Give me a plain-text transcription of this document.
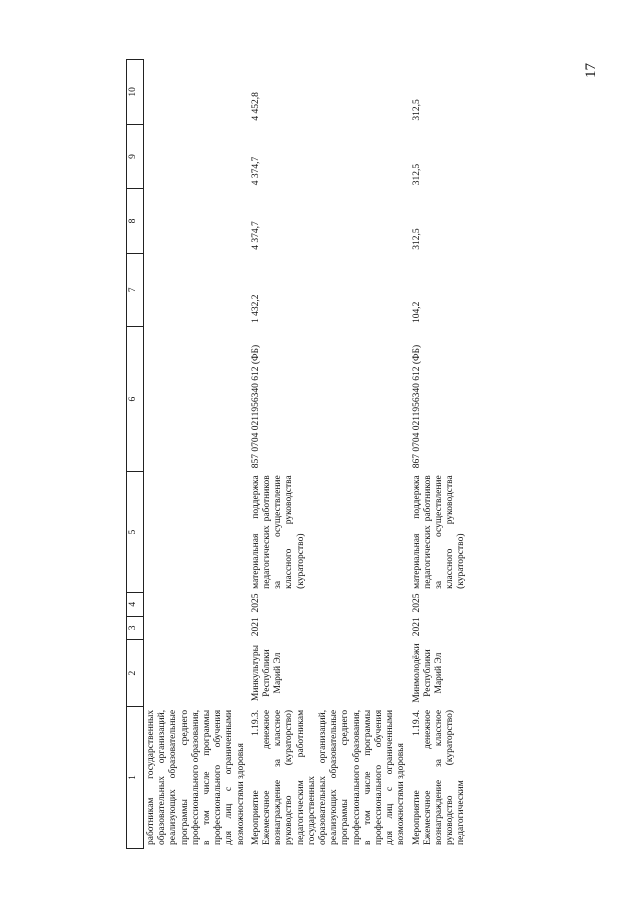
17
1	2	3	4	5	6	7	8	9	10
работникам государственных образовательных организаций, реализующих образовательные программы среднего профессионального образования, в том числе программы профессионального обучения для лиц с ограниченными возможностями здоровья									
Мероприятие 1.19.3. Ежемесячное денежное вознаграждение за классное руководство (кураторство) педагогическим работникам государственных образовательных организаций, реализующих образовательные программы среднего профессионального образования, в том числе программы профессионального обучения для лиц с ограниченными возможностями здоровья	Минкультуры Республики Марий Эл	2021	2025	материальная поддержка педагогических работников за осуществление классного руководства (кураторство)	857 0704 0211956340 612 (ФБ)	1 432,2	4 374,7	4 374,7	4 452,8
Мероприятие 1.19.4. Ежемесячное денежное вознаграждение за классное руководство (кураторство) педагогическим	Минмолодёжи Республики Марий Эл	2021	2025	материальная поддержка педагогических работников за осуществление классного руководства (кураторство)	867 0704 0211956340 612 (ФБ)	104,2	312,5	312,5	312,5
